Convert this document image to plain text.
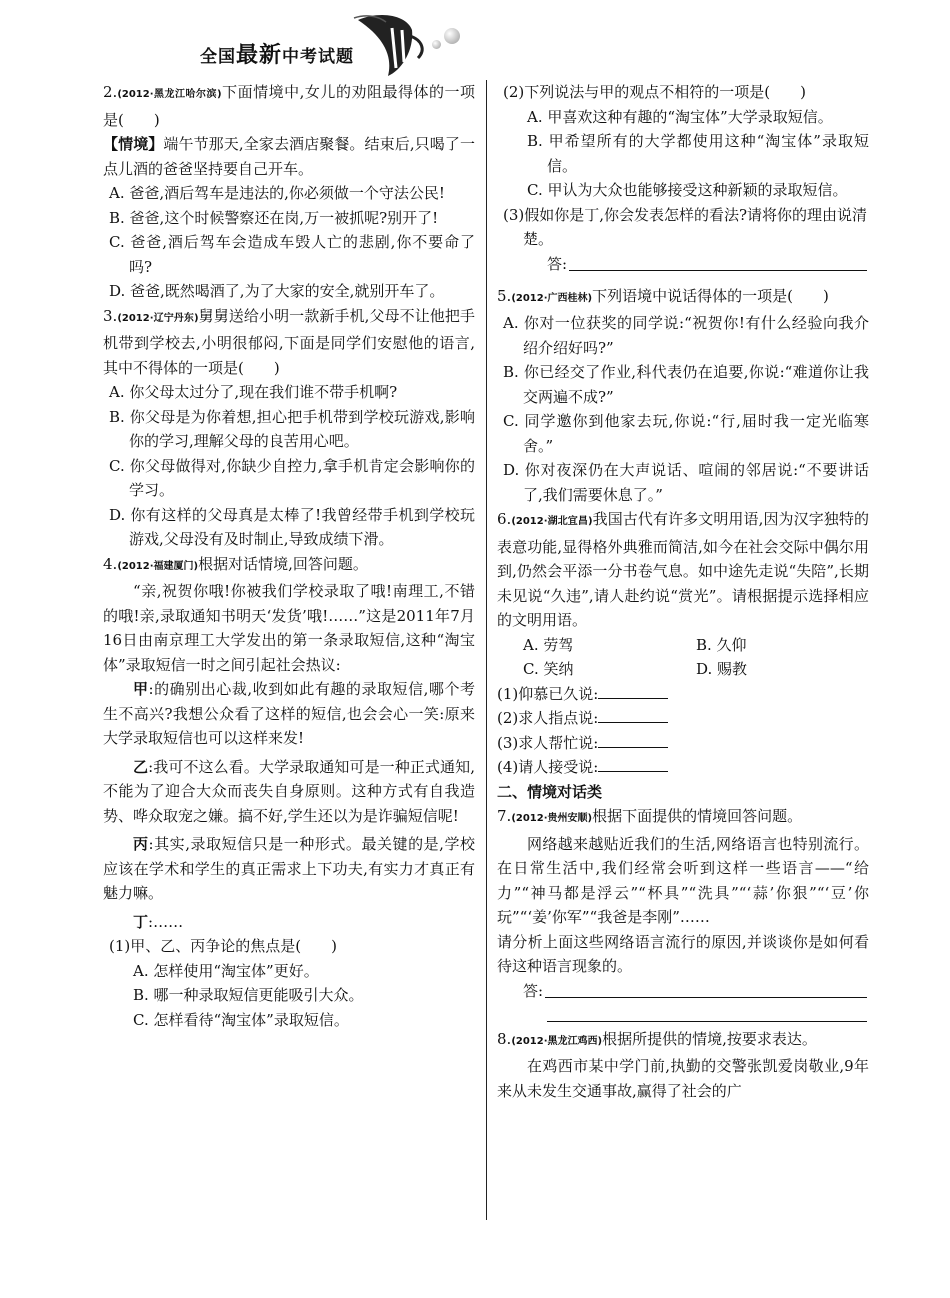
全国最新中考试题

2.(2012·黑龙江哈尔滨)下面情境中,女儿的劝阻最得体的一项是(　　)

【情境】端午节那天,全家去酒店聚餐。结束后,只喝了一点儿酒的爸爸坚持要自己开车。

A. 爸爸,酒后驾车是违法的,你必须做一个守法公民!

B. 爸爸,这个时候警察还在岗,万一被抓呢?别开了!

C. 爸爸,酒后驾车会造成车毁人亡的悲剧,你不要命了吗?

D. 爸爸,既然喝酒了,为了大家的安全,就别开车了。

3.(2012·辽宁丹东)舅舅送给小明一款新手机,父母不让他把手机带到学校去,小明很郁闷,下面是同学们安慰他的语言,其中不得体的一项是(　　)

A. 你父母太过分了,现在我们谁不带手机啊?

B. 你父母是为你着想,担心把手机带到学校玩游戏,影响你的学习,理解父母的良苦用心吧。

C. 你父母做得对,你缺少自控力,拿手机肯定会影响你的学习。

D. 你有这样的父母真是太棒了!我曾经带手机到学校玩游戏,父母没有及时制止,导致成绩下滑。

4.(2012·福建厦门)根据对话情境,回答问题。

“亲,祝贺你哦!你被我们学校录取了哦!南理工,不错的哦!亲,录取通知书明天‘发货’哦!……”这是2011年7月16日由南京理工大学发出的第一条录取短信,这种“淘宝体”录取短信一时之间引起社会热议:

甲:的确别出心裁,收到如此有趣的录取短信,哪个考生不高兴?我想公众看了这样的短信,也会会心一笑:原来大学录取短信也可以这样来发!

乙:我可不这么看。大学录取通知可是一种正式通知,不能为了迎合大众而丧失自身原则。这种方式有自我造势、哗众取宠之嫌。搞不好,学生还以为是诈骗短信呢!

丙:其实,录取短信只是一种形式。最关键的是,学校应该在学术和学生的真正需求上下功夫,有实力才真正有魅力嘛。

丁:……

(1)甲、乙、丙争论的焦点是(　　)

A. 怎样使用“淘宝体”更好。

B. 哪一种录取短信更能吸引大众。

C. 怎样看待“淘宝体”录取短信。

(2)下列说法与甲的观点不相符的一项是(　　)

A. 甲喜欢这种有趣的“淘宝体”大学录取短信。

B. 甲希望所有的大学都使用这种“淘宝体”录取短信。

C. 甲认为大众也能够接受这种新颖的录取短信。

(3)假如你是丁,你会发表怎样的看法?请将你的理由说清楚。

答:

5.(2012·广西桂林)下列语境中说话得体的一项是(　　)

A. 你对一位获奖的同学说:“祝贺你!有什么经验向我介绍介绍好吗?”

B. 你已经交了作业,科代表仍在追要,你说:“难道你让我交两遍不成?”

C. 同学邀你到他家去玩,你说:“行,届时我一定光临寒舍。”

D. 你对夜深仍在大声说话、喧闹的邻居说:“不要讲话了,我们需要休息了。”

6.(2012·湖北宜昌)我国古代有许多文明用语,因为汉字独特的表意功能,显得格外典雅而简洁,如今在社会交际中偶尔用到,仍然会平添一分书卷气息。如中途先走说“失陪”,长期未见说“久违”,请人赴约说“赏光”。请根据提示选择相应的文明用语。

A. 劳驾	B. 久仰
C. 笑纳	D. 赐教

(1)仰慕已久说:

(2)求人指点说:

(3)求人帮忙说:

(4)请人接受说:

二、情境对话类

7.(2012·贵州安顺)根据下面提供的情境回答问题。

网络越来越贴近我们的生活,网络语言也特别流行。在日常生活中,我们经常会听到这样一些语言——“给力”“神马都是浮云”“杯具”“洗具”“‘蒜’你狠”“‘豆’你玩”“‘姜’你军”“我爸是李刚”……

请分析上面这些网络语言流行的原因,并谈谈你是如何看待这种语言现象的。

答:

8.(2012·黑龙江鸡西)根据所提供的情境,按要求表达。

在鸡西市某中学门前,执勤的交警张凯爱岗敬业,9年来从未发生交通事故,赢得了社会的广
